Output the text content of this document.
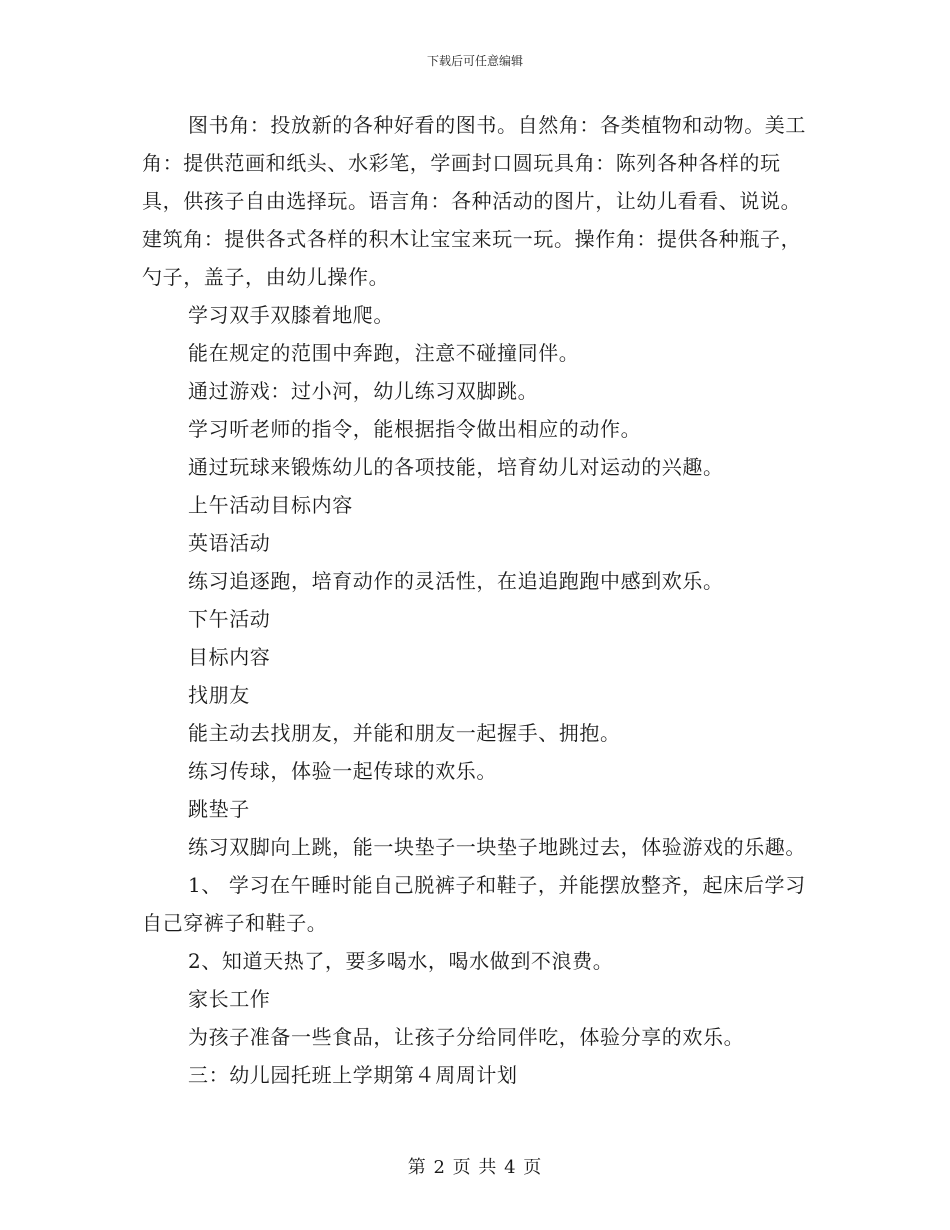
下载后可任意编辑

图书角：投放新的各种好看的图书。自然角：各类植物和动物。美工角：提供范画和纸头、水彩笔，学画封口圆玩具角：陈列各种各样的玩具，供孩子自由选择玩。语言角：各种活动的图片，让幼儿看看、说说。建筑角：提供各式各样的积木让宝宝来玩一玩。操作角：提供各种瓶子，勺子，盖子，由幼儿操作。

学习双手双膝着地爬。

能在规定的范围中奔跑，注意不碰撞同伴。

通过游戏：过小河，幼儿练习双脚跳。

学习听老师的指令，能根据指令做出相应的动作。

通过玩球来锻炼幼儿的各项技能，培育幼儿对运动的兴趣。

上午活动目标内容

英语活动

练习追逐跑，培育动作的灵活性，在追追跑跑中感到欢乐。

下午活动

目标内容

找朋友

能主动去找朋友，并能和朋友一起握手、拥抱。

练习传球，体验一起传球的欢乐。

跳垫子

练习双脚向上跳，能一块垫子一块垫子地跳过去，体验游戏的乐趣。

1、 学习在午睡时能自己脱裤子和鞋子，并能摆放整齐，起床后学习自己穿裤子和鞋子。

2、知道天热了，要多喝水，喝水做到不浪费。

家长工作

为孩子准备一些食品，让孩子分给同伴吃，体验分享的欢乐。

三：幼儿园托班上学期第４周周计划

第 2 页 共 4 页
